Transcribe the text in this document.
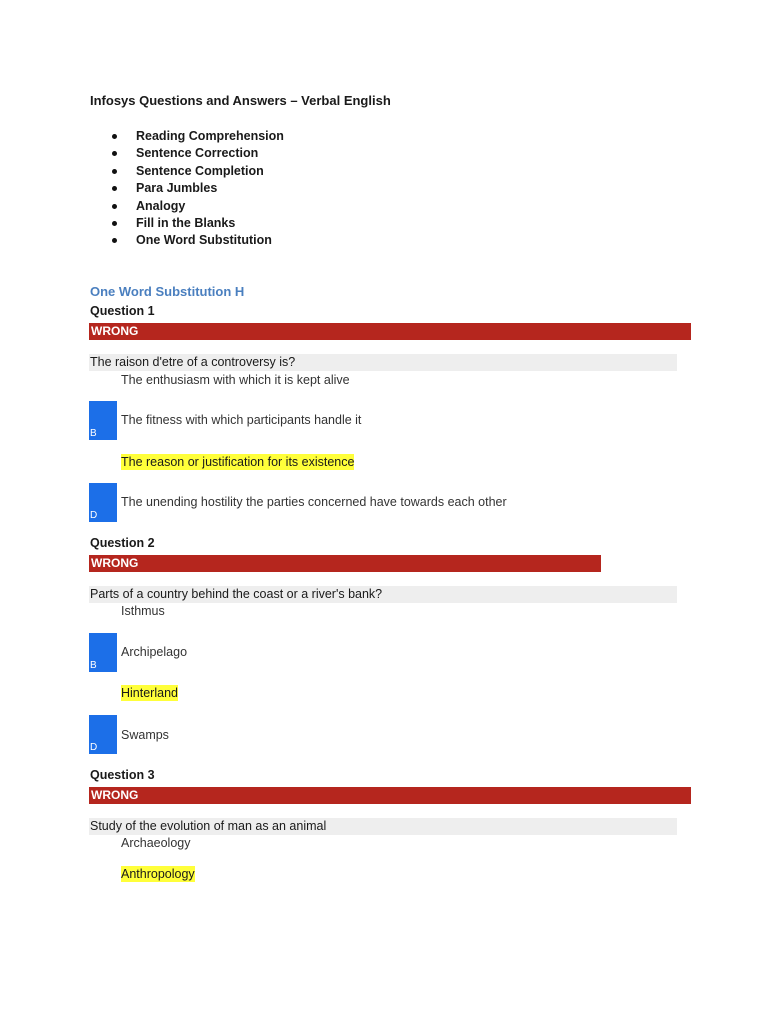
Infosys Questions and Answers – Verbal English
Reading Comprehension
Sentence Correction
Sentence Completion
Para Jumbles
Analogy
Fill in the Blanks
One Word Substitution
One Word Substitution H
Question 1
WRONG
The raison d'etre of a controversy is?
The enthusiasm with which it is kept alive
B
The fitness with which participants handle it
The reason or justification for its existence
D
The unending hostility the parties concerned have towards each other
Question 2
WRONG
Parts of a country behind the coast or a river's bank?
Isthmus
B
Archipelago
Hinterland
D
Swamps
Question 3
WRONG
Study of the evolution of man as an animal
Archaeology
Anthropology
